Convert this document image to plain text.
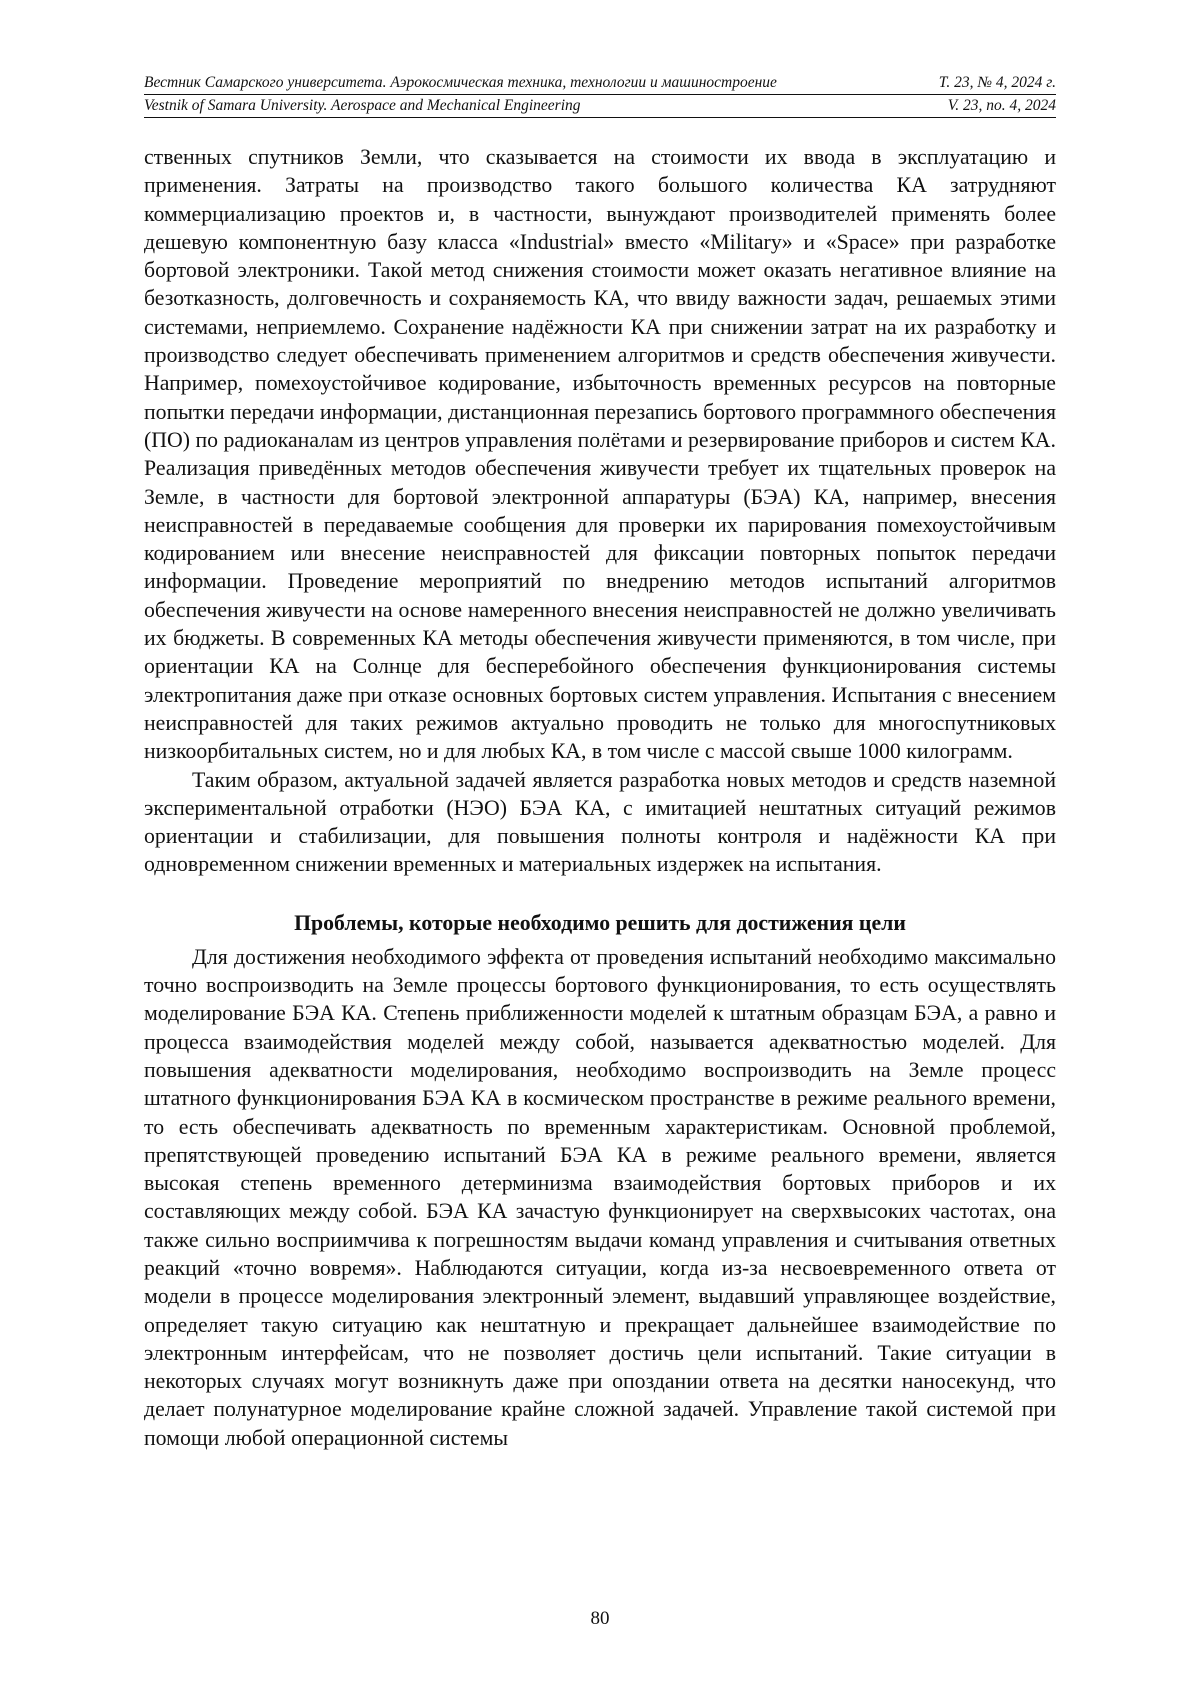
Вестник Самарского университета. Аэрокосмическая техника, технологии и машиностроение	Т. 23, № 4, 2024 г.
Vestnik of Samara University. Aerospace and Mechanical Engineering	V. 23, no. 4, 2024

ственных спутников Земли, что сказывается на стоимости их ввода в эксплуатацию и применения. Затраты на производство такого большого количества КА затрудняют коммерциализацию проектов и, в частности, вынуждают производителей применять более дешевую компонентную базу класса «Industrial» вместо «Military» и «Space» при разработке бортовой электроники. Такой метод снижения стоимости может оказать негативное влияние на безотказность, долговечность и сохраняемость КА, что ввиду важности задач, решаемых этими системами, неприемлемо. Сохранение надёжности КА при снижении затрат на их разработку и производство следует обеспечивать применением алгоритмов и средств обеспечения живучести. Например, помехоустойчивое кодирование, избыточность временных ресурсов на повторные попытки передачи информации, дистанционная перезапись бортового программного обеспечения (ПО) по радиоканалам из центров управления полётами и резервирование приборов и систем КА. Реализация приведённых методов обеспечения живучести требует их тщательных проверок на Земле, в частности для бортовой электронной аппаратуры (БЭА) КА, например, внесения неисправностей в передаваемые сообщения для проверки их парирования помехоустойчивым кодированием или внесение неисправностей для фиксации повторных попыток передачи информации. Проведение мероприятий по внедрению методов испытаний алгоритмов обеспечения живучести на основе намеренного внесения неисправностей не должно увеличивать их бюджеты. В современных КА методы обеспечения живучести применяются, в том числе, при ориентации КА на Солнце для бесперебойного обеспечения функционирования системы электропитания даже при отказе основных бортовых систем управления. Испытания с внесением неисправностей для таких режимов актуально проводить не только для многоспутниковых низкоорбитальных систем, но и для любых КА, в том числе с массой свыше 1000 килограмм.

Таким образом, актуальной задачей является разработка новых методов и средств наземной экспериментальной отработки (НЭО) БЭА КА, с имитацией нештатных ситуаций режимов ориентации и стабилизации, для повышения полноты контроля и надёжности КА при одновременном снижении временных и материальных издержек на испытания.

Проблемы, которые необходимо решить для достижения цели

Для достижения необходимого эффекта от проведения испытаний необходимо максимально точно воспроизводить на Земле процессы бортового функционирования, то есть осуществлять моделирование БЭА КА. Степень приближенности моделей к штатным образцам БЭА, а равно и процесса взаимодействия моделей между собой, называется адекватностью моделей. Для повышения адекватности моделирования, необходимо воспроизводить на Земле процесс штатного функционирования БЭА КА в космическом пространстве в режиме реального времени, то есть обеспечивать адекватность по временным характеристикам. Основной проблемой, препятствующей проведению испытаний БЭА КА в режиме реального времени, является высокая степень временного детерминизма взаимодействия бортовых приборов и их составляющих между собой. БЭА КА зачастую функционирует на сверхвысоких частотах, она также сильно восприимчива к погрешностям выдачи команд управления и считывания ответных реакций «точно вовремя». Наблюдаются ситуации, когда из-за несвоевременного ответа от модели в процессе моделирования электронный элемент, выдавший управляющее воздействие, определяет такую ситуацию как нештатную и прекращает дальнейшее взаимодействие по электронным интерфейсам, что не позволяет достичь цели испытаний. Такие ситуации в некоторых случаях могут возникнуть даже при опоздании ответа на десятки наносекунд, что делает полунатурное моделирование крайне сложной задачей. Управление такой системой при помощи любой операционной системы

80
